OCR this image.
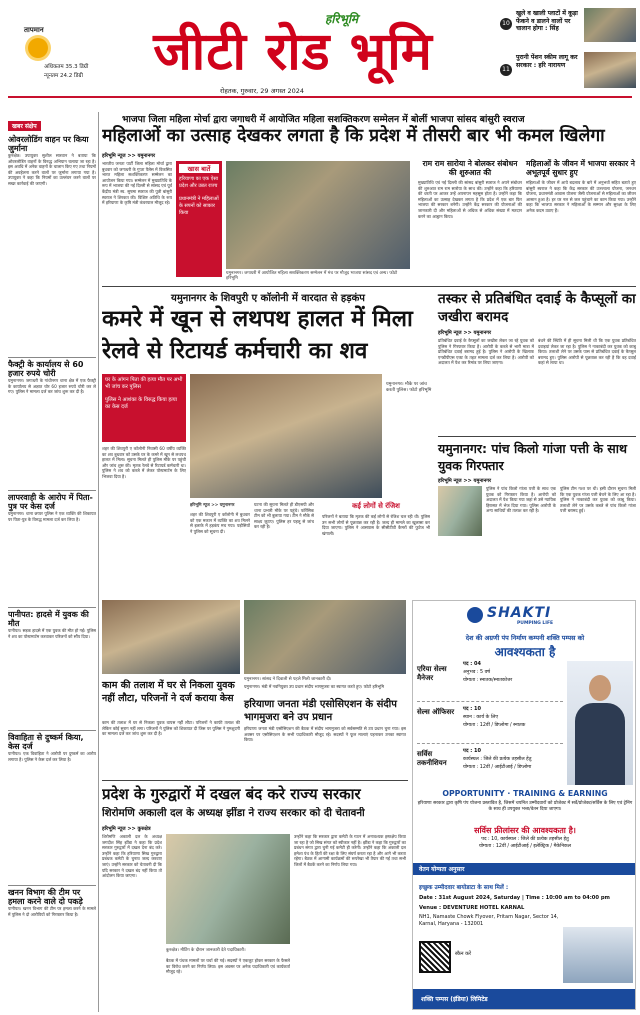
तापमान
अधिकतम 35.3 डिग्री
न्यूनतम 24.2 डिग्री
हरिभूमि
जीटी रोड भूमि
रोहतक, गुरुवार, 29 अगस्त 2024
10
खुले व खाली प्लाटों में कूड़ा फेंकने व डालने वालों पर चालान होगा : सिंह
11
पुरानी पेंशन स्कीम लागू कर सरकार : हरि नारायण
खबर संक्षेप
ओवरलोडिंग वाहन पर किया जुर्माना
कुरुक्षेत्र। उपायुक्त सुशील सारवान ने बताया कि ओवरलोडिंग वाहनों के विरुद्ध अभियान चलाया जा रहा है। इस अवधि में अनेक वाहनों के चालान किए गए तथा नियमों की अवहेलना करने वालों पर जुर्माना लगाया गया है। उपायुक्त ने कहा कि नियमों का उल्लंघन करने वालों पर सख्त कार्रवाई की जाएगी।
फैक्ट्री के कार्यालय से 60 हजार रुपये चोरी
यमुनानगर। जगाधरी के गांधीनगर थाना क्षेत्र में एक फैक्ट्री के कार्यालय से अज्ञात चोर 60 हजार रुपये चोरी कर ले गए। पुलिस ने मामला दर्ज कर जांच शुरू कर दी है।
लापरवाही के आरोप में पिता-पुत्र पर केस दर्ज
यमुनानगर। थाना छप्पर पुलिस ने एक व्यक्ति की शिकायत पर पिता-पुत्र के विरुद्ध मामला दर्ज कर लिया है।
पानीपत: हादसे में युवक की मौत
पानीपत। सड़क हादसे में एक युवक की मौत हो गई। पुलिस ने शव का पोस्टमार्टम करवाकर परिजनों को सौंप दिया।
विवाहिता से दुष्कर्म किया, केस दर्ज
पानीपत। एक विवाहिता ने आरोपी पर दुष्कर्म का आरोप लगाया है। पुलिस ने केस दर्ज कर लिया है।
खनन विभाग की टीम पर हमला करने वाले दो पकड़े
पानीपत। खनन विभाग की टीम पर हमला करने के मामले में पुलिस ने दो आरोपियों को गिरफ्तार किया है।
भाजपा जिला महिला मोर्चा द्वारा जगाधरी में आयोजित महिला सशक्तिकरण सम्मेलन में बोलीं भाजपा सांसद बांसुरी स्वराज
महिलाओं का उत्साह देखकर लगता है कि प्रदेश में तीसरी बार भी कमल खिलेगा
हरिभूमि न्यूज >> यमुनानगर
भारतीय जनता पार्टी जिला महिला मोर्चा द्वारा बुधवार को जगाधरी के गुप्ता पैलेस में विकसित भारत महिला सशक्तिकरण सम्मेलन का आयोजन किया गया। सम्मेलन में मुख्यातिथि के रूप में भाजपा की नई दिल्ली से सांसद एवं पूर्व केंद्रीय मंत्री स्व. सुषमा स्वराज की पुत्री बांसुरी स्वराज ने शिरकत की। विशिष्ट अतिथि के रूप में हरियाणा के कृषि मंत्री कंवरपाल मौजूद रहे।
खास बातें
हरियाणा का एक ऐसा प्रदेश और उन्नत राज्य
प्रधानमंत्री ने महिलाओं के सपनों को साकार किया
यमुनानगर। जगाधरी में आयोजित महिला सशक्तिकरण सम्मेलन में मंच पर मौजूद भाजपा सांसद एवं अन्य। फोटो हरिभूमि
राम राम सारोया ने बोलकर संबोधन की शुरुआत की
मुख्यातिथि एवं नई दिल्ली की सांसद बांसुरी स्वराज ने अपने संबोधन की शुरुआत राम राम सारोया के साथ की। उन्होंने कहा कि हरियाणा की धरती पर आकर उन्हें अपनापन महसूस होता है। उन्होंने कहा कि महिलाओं का उत्साह देखकर लगता है कि प्रदेश में एक बार फिर भाजपा की सरकार बनेगी। उन्होंने केंद्र सरकार की योजनाओं की जानकारी दी और महिलाओं से अधिक से अधिक संख्या में मतदान करने का आह्वान किया।
महिलाओं के जीवन में भाजपा सरकार ने अभूतपूर्व सुधार हुए
महिलाओं के जीवन में आये बदलाव के बारे में अनुभवों सहित बताते हुए बांसुरी स्वराज ने कहा कि केंद्र सरकार की उज्ज्वला योजना, जनधन योजना, प्रधानमंत्री आवास योजना जैसी योजनाओं से महिलाओं का जीवन आसान हुआ है। हर घर नल से जल पहुंचाने का काम किया गया। उन्होंने कहा कि भाजपा सरकार ने महिलाओं के सम्मान और सुरक्षा के लिए अनेक कदम उठाए हैं।
यमुनानगर के शिवपुरी ए कॉलोनी में वारदात से हड़कंप
कमरे में खून से लथपथ हालत में मिला
रेलवे से रिटायर्ड कर्मचारी का शव
घर के आंगन पिता की हत्या मौत पर अभी भी जांच कर पुलिस
पुलिस ने आशंका के विरुद्ध किया हत्या का केस दर्ज
यमुनानगर। मौके पर जांच करती पुलिस। फोटो हरिभूमि
शहर की शिवपुरी ए कॉलोनी निवासी 60 वर्षीय व्यक्ति का शव बुधवार को उसके घर के कमरे में खून से लथपथ हालत में मिला। सूचना मिलते ही पुलिस मौके पर पहुंची और जांच शुरू की। मृतक रेलवे से रिटायर्ड कर्मचारी था। पुलिस ने शव को कब्जे में लेकर पोस्टमार्टम के लिए भिजवा दिया है।
हरिभूमि न्यूज >> यमुनानगर
शहर की शिवपुरी ए कॉलोनी में बुधवार को एक मकान में व्यक्ति का शव मिलने से इलाके में हड़कंप मच गया। पड़ोसियों ने पुलिस को सूचना दी।
घटना की सूचना मिलते ही डीएसपी और थाना प्रभारी मौके पर पहुंचे। फॉरेंसिक टीम को भी बुलाया गया। टीम ने मौके से साक्ष्य जुटाए। पुलिस हर पहलू से जांच कर रही है।
कई लोगों से रंजिश
परिजनों ने बताया कि मृतक की कई लोगों से रंजिश चल रही थी। पुलिस उन सभी लोगों से पूछताछ कर रही है। जल्द ही मामले का खुलासा कर दिया जाएगा। पुलिस ने आसपास के सीसीटीवी कैमरों की फुटेज भी खंगाली।
तस्कर से प्रतिबंधित दवाई के कैप्सूलों का जखीरा बरामद
हरिभूमि न्यूज >> यमुनानगर
प्रतिबंधित दवाई के कैप्सूलों का जखीरा लेकर जा रहे युवक को पुलिस ने गिरफ्तार किया है। आरोपी के कब्जे से भारी मात्रा में प्रतिबंधित दवाई बरामद हुई है। पुलिस ने आरोपी के खिलाफ एनडीपीएस एक्ट के तहत मामला दर्ज कर लिया है। आरोपी को अदालत में पेश कर रिमांड पर लिया जाएगा।
बंधने की स्थिति में ही सूचना मिली थी कि एक युवक प्रतिबंधित दवाइयां लेकर जा रहा है। पुलिस ने नाकाबंदी कर युवक को काबू किया। तलाशी लेने पर उसके पास से प्रतिबंधित दवाई के कैप्सूल बरामद हुए। पुलिस आरोपी से पूछताछ कर रही है कि वह दवाई कहां से लाया था।
यमुनानगर: पांच किलो गांजा पत्ती के साथ युवक गिरफ्तार
हरिभूमि न्यूज >> यमुनानगर
पुलिस ने पांच किलो गांजा पत्ती के साथ एक युवक को गिरफ्तार किया है। आरोपी को अदालत में पेश किया गया जहां से उसे न्यायिक हिरासत में भेज दिया गया। पुलिस आरोपी के अन्य साथियों की तलाश कर रही है।
पुलिस टीम गश्त पर थी। इसी दौरान सूचना मिली कि एक युवक गांजा पत्ती बेचने के लिए आ रहा है। पुलिस ने नाकाबंदी कर युवक को काबू किया। तलाशी लेने पर उसके कब्जे से पांच किलो गांजा पत्ती बरामद हुई।
काम की तलाश में घर से निकला युवक नहीं लौटा, परिजनों ने दर्ज कराया केस
काम की तलाश में घर से निकला युवक वापस नहीं लौटा। परिजनों ने काफी तलाश की लेकिन कोई सुराग नहीं लगा। परिजनों ने पुलिस को शिकायत दी जिस पर पुलिस ने गुमशुदगी का मामला दर्ज कर जांच शुरू कर दी है।
यमुनानगर। सांसद ने दिवाली से पहले मिली जानकारी दी।
यमुनानगर। मंडी में नवनियुक्त उप प्रधान संदीप भागमुजरा का स्वागत करते हुए। फोटो हरिभूमि
हरियाणा जनता मंडी एसोसिएशन के संदीप भागमुजरा बने उप प्रधान
हरियाणा जनता मंडी एसोसिएशन की बैठक में संदीप भागमुजरा को सर्वसम्मति से उप प्रधान चुना गया। इस अवसर पर एसोसिएशन के सभी पदाधिकारी मौजूद रहे। सदस्यों ने फूल मालाएं पहनाकर उनका स्वागत किया।
SHAKTI
PUMPING LIFE
देश की अग्रणी पंप निर्माण कम्पनी शक्ति पम्पस को
आवश्यकता है
एरिया सेल्स मैनेजर
पद : 04
अनुभव : 5 वर्ष
योग्यता : स्नातक/स्नातकोत्तर
सेल्स ऑफिसर	पद : 10
स्थान : कार्य के लिए
योग्यता : 12वीं / डिप्लोमा / स्नातक
सर्विस तकनीशियन
पद : 10
कार्यस्थल : जिले की प्रत्येक तहसील हेतु
योग्यता : 12वीं / आईटीआई / डिप्लोमा
OPPORTUNITY · TRAINING & EARNING
हरियाणा सरकार द्वारा कृषि पंप योजना प्रस्तावित है, जिसमें चयनित उम्मीदवारों को प्रोजेक्ट में सर्वे/प्रोजेक्ट/सर्विस के लिए एवं ट्रेनिंग के साथ ही उपयुक्त भत्ता/वेतन दिया जाएगा।
सर्विस फ्रीलांसर की आवश्यकता है।
पद : 10, कार्यस्थल : जिले की प्रत्येक तहसील हेतु
योग्यता : 12वीं / आईटीआई / इलेक्ट्रिक / मैकेनिकल
वेतन योग्यता अनुसार
इच्छुक उम्मीदवार बायोडाटा के साथ मिलें :
Date : 31st August 2024, Saturday | Time : 10:00 am to 04:00 pm
Venue : DEVENTURE HOTEL KARNAL
NH1, Namaste Chowk Flyover, Pritam Nagar, Sector 14, Karnal, Haryana - 132001
स्कैन करें
शक्ति पम्पस (इंडिया) लिमिटेड
प्रदेश के गुरुद्वारों में दखल बंद करे राज्य सरकार
शिरोमणि अकाली दल के अध्यक्ष झींडा ने राज्य सरकार को दी चेतावनी
हरिभूमि न्यूज >> कुरुक्षेत्र
शिरोमणि अकाली दल के अध्यक्ष जगदीश सिंह झींडा ने कहा कि प्रदेश सरकार गुरुद्वारों में दखल देना बंद करे। उन्होंने कहा कि हरियाणा सिख गुरुद्वारा प्रबंधक कमेटी के चुनाव जल्द करवाए जाएं। उन्होंने सरकार को चेतावनी दी कि यदि सरकार ने दखल बंद नहीं किया तो आंदोलन किया जाएगा।
कुरुक्षेत्र। मीटिंग के दौरान जानकारी देते पदाधिकारी।
बैठक में पंथक मामलों पर चर्चा की गई। सदस्यों ने एकजुट होकर सरकार के फैसले का विरोध करने का निर्णय लिया। इस अवसर पर अनेक पदाधिकारी एवं कार्यकर्ता मौजूद रहे।
उन्होंने कहा कि सरकार द्वारा कमेटी के गठन में अनावश्यक हस्तक्षेप किया जा रहा है जो सिख संगत को स्वीकार नहीं है। झींडा ने कहा कि गुरुद्वारों का प्रबंधन संगत द्वारा चुनी गई कमेटी ही करेगी। उन्होंने कहा कि अकाली दल हमेशा पंथ के हितों की रक्षा के लिए संघर्ष करता रहा है और आगे भी करता रहेगा। बैठक में आगामी कार्यक्रमों की रूपरेखा भी तैयार की गई तथा सभी जिलों में बैठकें करने का निर्णय लिया गया।
